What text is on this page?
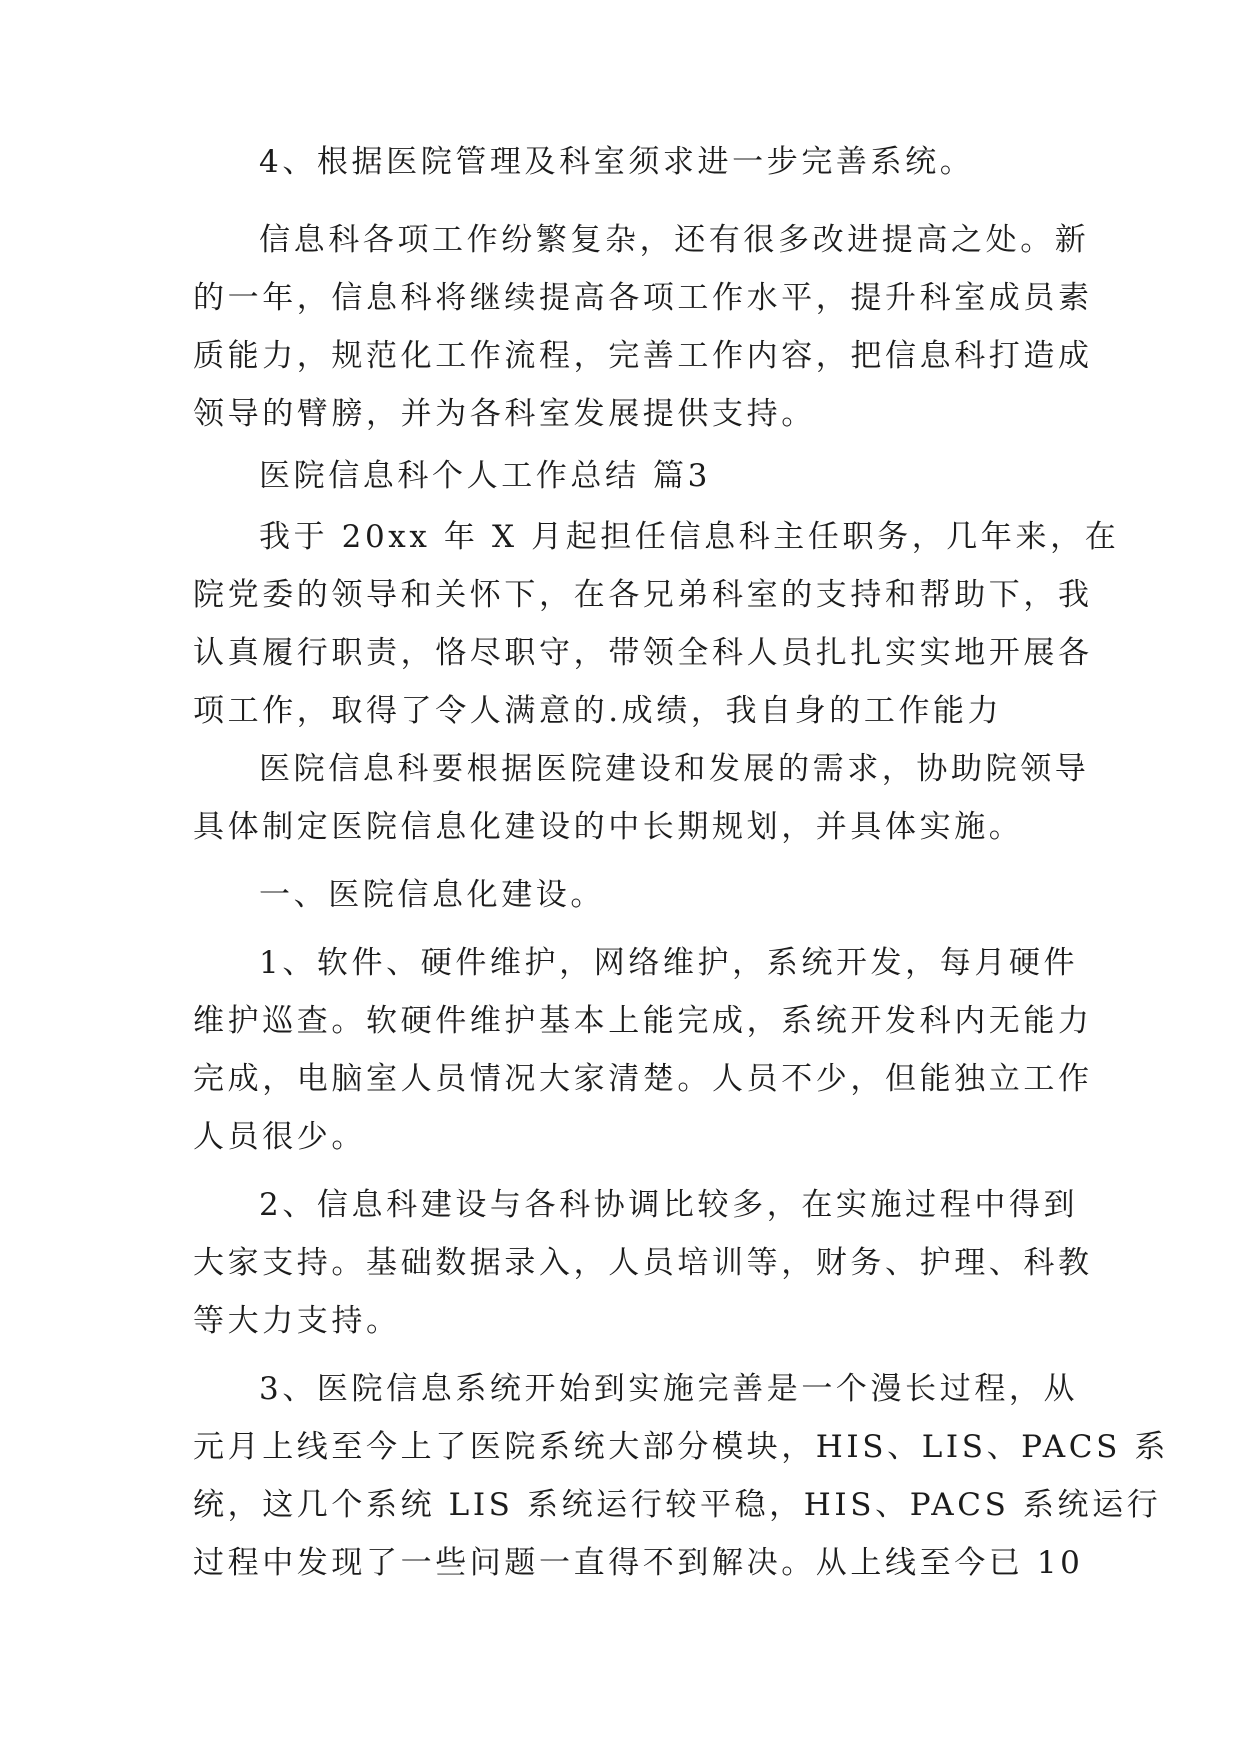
4、根据医院管理及科室须求进一步完善系统。
信息科各项工作纷繁复杂，还有很多改进提高之处。新
的一年，信息科将继续提高各项工作水平，提升科室成员素
质能力，规范化工作流程，完善工作内容，把信息科打造成
领导的臂膀，并为各科室发展提供支持。
医院信息科个人工作总结 篇3
我于 20xx 年 X 月起担任信息科主任职务，几年来，在
院党委的领导和关怀下，在各兄弟科室的支持和帮助下，我
认真履行职责，恪尽职守，带领全科人员扎扎实实地开展各
项工作，取得了令人满意的.成绩，我自身的工作能力
医院信息科要根据医院建设和发展的需求，协助院领导
具体制定医院信息化建设的中长期规划，并具体实施。
一、医院信息化建设。
1、软件、硬件维护，网络维护，系统开发，每月硬件
维护巡查。软硬件维护基本上能完成，系统开发科内无能力
完成，电脑室人员情况大家清楚。人员不少，但能独立工作
人员很少。
2、信息科建设与各科协调比较多，在实施过程中得到
大家支持。基础数据录入，人员培训等，财务、护理、科教
等大力支持。
3、医院信息系统开始到实施完善是一个漫长过程，从
元月上线至今上了医院系统大部分模块，HIS、LIS、PACS 系
统，这几个系统 LIS 系统运行较平稳，HIS、PACS 系统运行
过程中发现了一些问题一直得不到解决。从上线至今已 10
